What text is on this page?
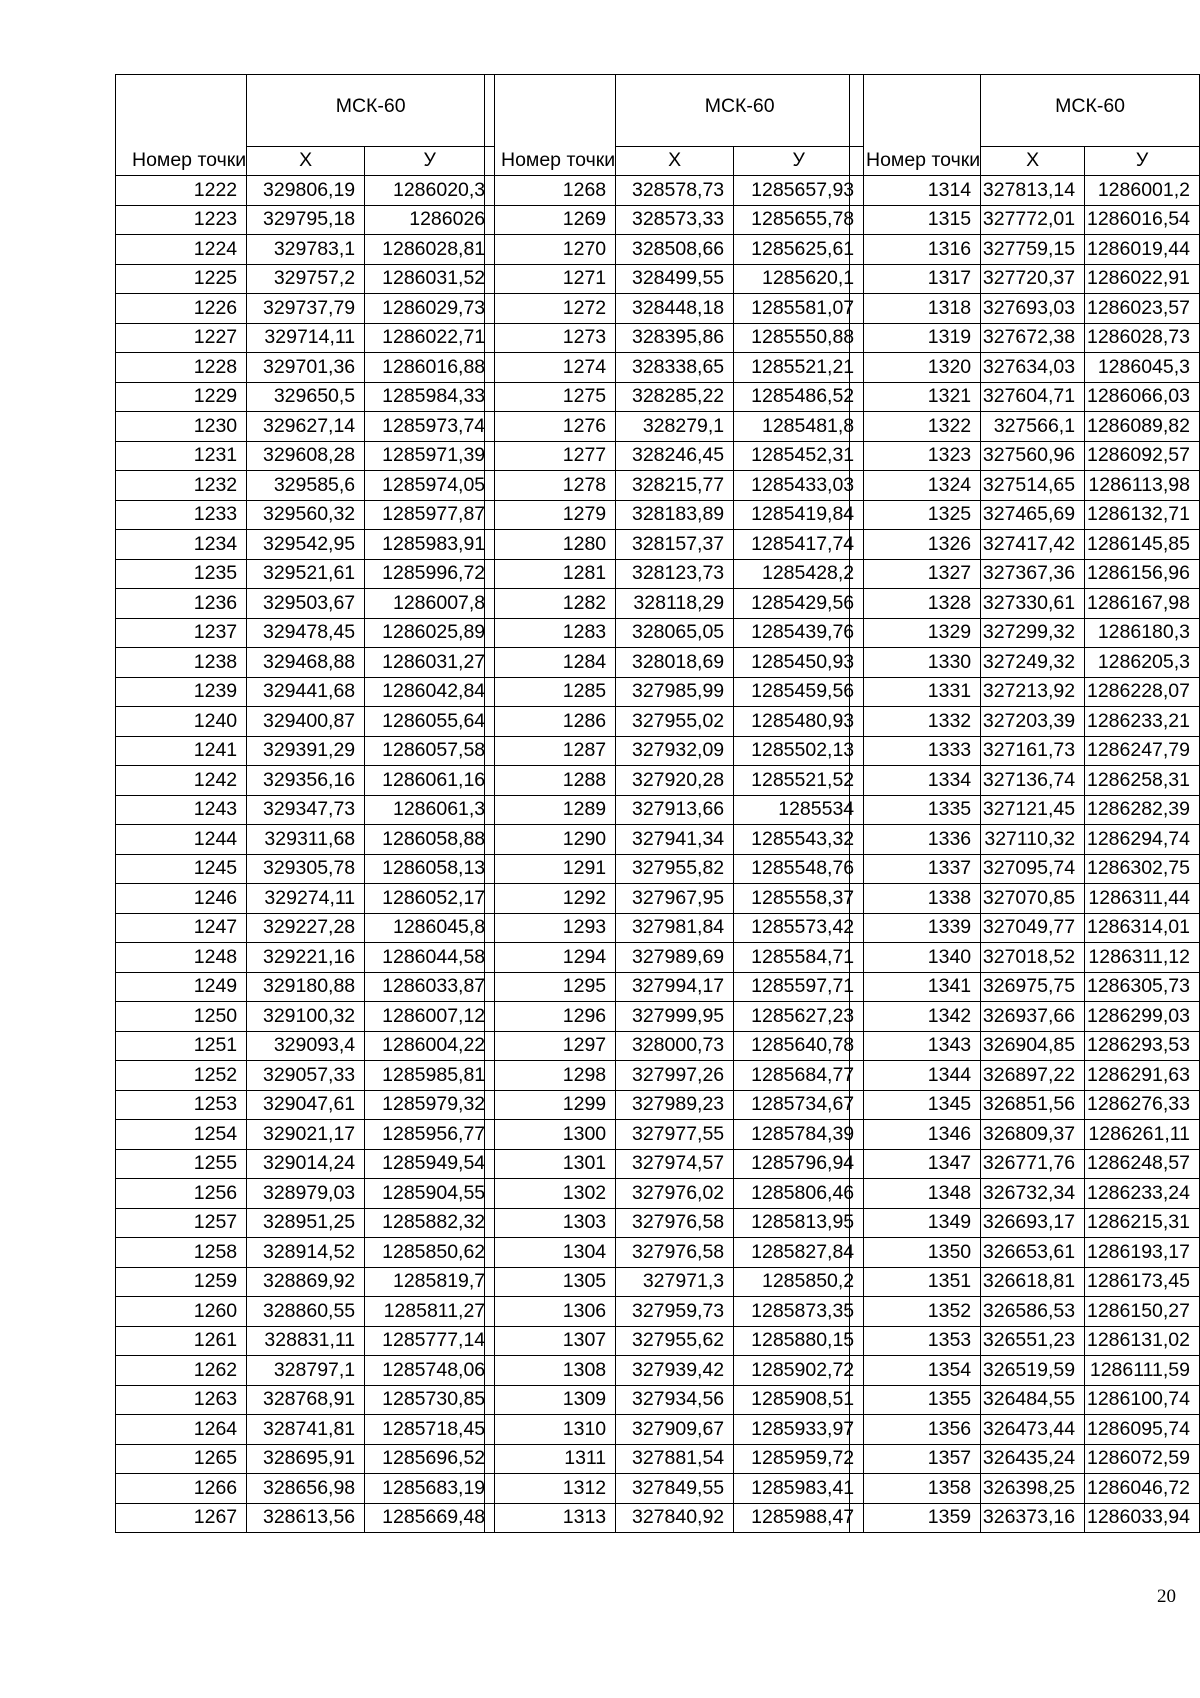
Номер точки	МСК-60	
	Х	У
1222	329806,19	1286020,3
1223	329795,18	1286026
1224	329783,1	1286028,81
1225	329757,2	1286031,52
1226	329737,79	1286029,73
1227	329714,11	1286022,71
1228	329701,36	1286016,88
1229	329650,5	1285984,33
1230	329627,14	1285973,74
1231	329608,28	1285971,39
1232	329585,6	1285974,05
1233	329560,32	1285977,87
1234	329542,95	1285983,91
1235	329521,61	1285996,72
1236	329503,67	1286007,8
1237	329478,45	1286025,89
1238	329468,88	1286031,27
1239	329441,68	1286042,84
1240	329400,87	1286055,64
1241	329391,29	1286057,58
1242	329356,16	1286061,16
1243	329347,73	1286061,3
1244	329311,68	1286058,88
1245	329305,78	1286058,13
1246	329274,11	1286052,17
1247	329227,28	1286045,8
1248	329221,16	1286044,58
1249	329180,88	1286033,87
1250	329100,32	1286007,12
1251	329093,4	1286004,22
1252	329057,33	1285985,81
1253	329047,61	1285979,32
1254	329021,17	1285956,77
1255	329014,24	1285949,54
1256	328979,03	1285904,55
1257	328951,25	1285882,32
1258	328914,52	1285850,62
1259	328869,92	1285819,7
1260	328860,55	1285811,27
1261	328831,11	1285777,14
1262	328797,1	1285748,06
1263	328768,91	1285730,85
1264	328741,81	1285718,45
1265	328695,91	1285696,52
1266	328656,98	1285683,19
1267	328613,56	1285669,48
Номер точки	МСК-60	
	Х	У
1268	328578,73	1285657,93
1269	328573,33	1285655,78
1270	328508,66	1285625,61
1271	328499,55	1285620,1
1272	328448,18	1285581,07
1273	328395,86	1285550,88
1274	328338,65	1285521,21
1275	328285,22	1285486,52
1276	328279,1	1285481,8
1277	328246,45	1285452,31
1278	328215,77	1285433,03
1279	328183,89	1285419,84
1280	328157,37	1285417,74
1281	328123,73	1285428,2
1282	328118,29	1285429,56
1283	328065,05	1285439,76
1284	328018,69	1285450,93
1285	327985,99	1285459,56
1286	327955,02	1285480,93
1287	327932,09	1285502,13
1288	327920,28	1285521,52
1289	327913,66	1285534
1290	327941,34	1285543,32
1291	327955,82	1285548,76
1292	327967,95	1285558,37
1293	327981,84	1285573,42
1294	327989,69	1285584,71
1295	327994,17	1285597,71
1296	327999,95	1285627,23
1297	328000,73	1285640,78
1298	327997,26	1285684,77
1299	327989,23	1285734,67
1300	327977,55	1285784,39
1301	327974,57	1285796,94
1302	327976,02	1285806,46
1303	327976,58	1285813,95
1304	327976,58	1285827,84
1305	327971,3	1285850,2
1306	327959,73	1285873,35
1307	327955,62	1285880,15
1308	327939,42	1285902,72
1309	327934,56	1285908,51
1310	327909,67	1285933,97
1311	327881,54	1285959,72
1312	327849,55	1285983,41
1313	327840,92	1285988,47
Номер точки	МСК-60	
	Х	У
1314	327813,14	1286001,2
1315	327772,01	1286016,54
1316	327759,15	1286019,44
1317	327720,37	1286022,91
1318	327693,03	1286023,57
1319	327672,38	1286028,73
1320	327634,03	1286045,3
1321	327604,71	1286066,03
1322	327566,1	1286089,82
1323	327560,96	1286092,57
1324	327514,65	1286113,98
1325	327465,69	1286132,71
1326	327417,42	1286145,85
1327	327367,36	1286156,96
1328	327330,61	1286167,98
1329	327299,32	1286180,3
1330	327249,32	1286205,3
1331	327213,92	1286228,07
1332	327203,39	1286233,21
1333	327161,73	1286247,79
1334	327136,74	1286258,31
1335	327121,45	1286282,39
1336	327110,32	1286294,74
1337	327095,74	1286302,75
1338	327070,85	1286311,44
1339	327049,77	1286314,01
1340	327018,52	1286311,12
1341	326975,75	1286305,73
1342	326937,66	1286299,03
1343	326904,85	1286293,53
1344	326897,22	1286291,63
1345	326851,56	1286276,33
1346	326809,37	1286261,11
1347	326771,76	1286248,57
1348	326732,34	1286233,24
1349	326693,17	1286215,31
1350	326653,61	1286193,17
1351	326618,81	1286173,45
1352	326586,53	1286150,27
1353	326551,23	1286131,02
1354	326519,59	1286111,59
1355	326484,55	1286100,74
1356	326473,44	1286095,74
1357	326435,24	1286072,59
1358	326398,25	1286046,72
1359	326373,16	1286033,94
20
